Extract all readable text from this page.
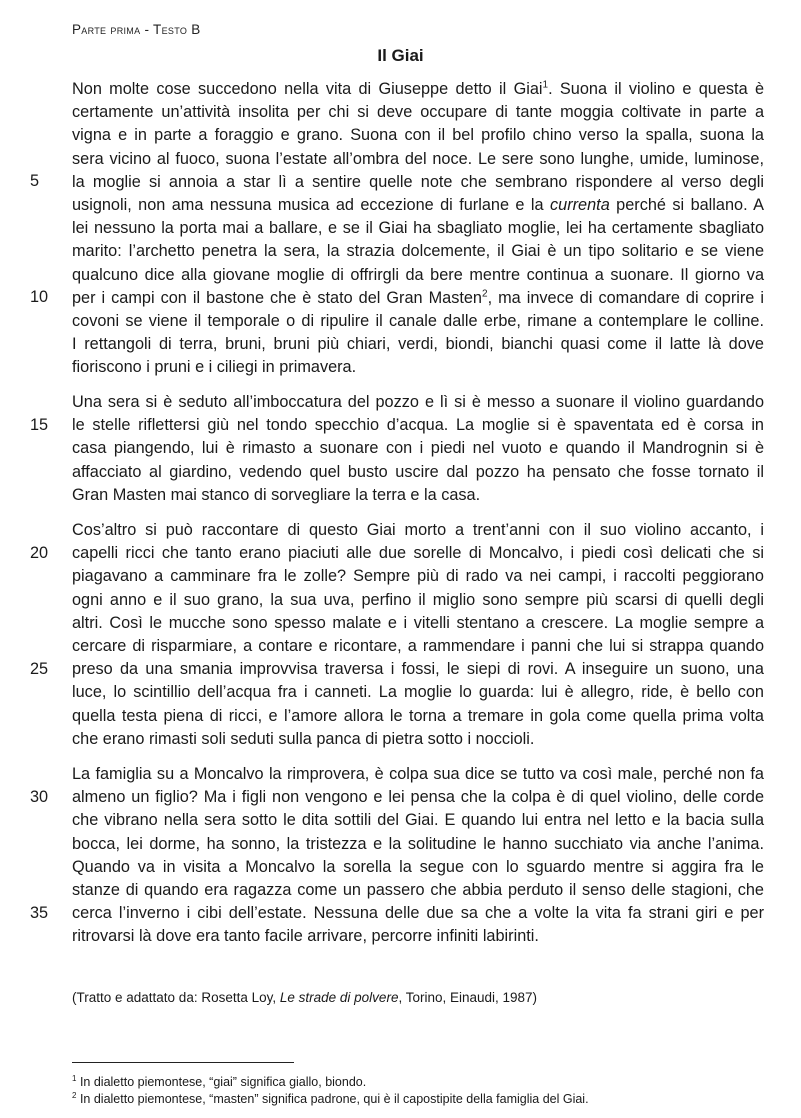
Parte prima - Testo B
Il Giai
Non molte cose succedono nella vita di Giuseppe detto il Giai$^1$. Suona il violino e questa è
certamente un’attività insolita per chi si deve occupare di tante moggia coltivate in parte a
vigna e in parte a foraggio e grano. Suona con il bel profilo chino verso la spalla, suona la
sera vicino al fuoco, suona l’estate all’ombra del noce. Le sere sono lunghe, umide, luminose,
la moglie si annoia a star lì a sentire quelle note che sembrano rispondere al verso degli
usignoli, non ama nessuna musica ad eccezione di furlane e la currenta perché si ballano. A
lei nessuno la porta mai a ballare, e se il Giai ha sbagliato moglie, lei ha certamente sbagliato
marito: l’archetto penetra la sera, la strazia dolcemente, il Giai è un tipo solitario e se viene
qualcuno dice alla giovane moglie di offrirgli da bere mentre continua a suonare. Il giorno va
per i campi con il bastone che è stato del Gran Masten$^2$, ma invece di comandare di coprire i
covoni se viene il temporale o di ripulire il canale dalle erbe, rimane a contemplare le colline.
I rettangoli di terra, bruni, bruni più chiari, verdi, biondi, bianchi quasi come il latte là dove
fioriscono i pruni e i ciliegi in primavera.
Una sera si è seduto all’imboccatura del pozzo e lì si è messo a suonare il violino guardando
le stelle riflettersi giù nel tondo specchio d’acqua. La moglie si è spaventata ed è corsa in
casa piangendo, lui è rimasto a suonare con i piedi nel vuoto e quando il Mandrognin si è
affacciato al giardino, vedendo quel busto uscire dal pozzo ha pensato che fosse tornato il
Gran Masten mai stanco di sorvegliare la terra e la casa.
Cos’altro si può raccontare di questo Giai morto a trent’anni con il suo violino accanto, i
capelli ricci che tanto erano piaciuti alle due sorelle di Moncalvo, i piedi così delicati che si
piagavano a camminare fra le zolle? Sempre più di rado va nei campi, i raccolti peggiorano
ogni anno e il suo grano, la sua uva, perfino il miglio sono sempre più scarsi di quelli degli
altri. Così le mucche sono spesso malate e i vitelli stentano a crescere. La moglie sempre a
cercare di risparmiare, a contare e ricontare, a rammendare i panni che lui si strappa quando
preso da una smania improvvisa traversa i fossi, le siepi di rovi. A inseguire un suono, una
luce, lo scintillio dell’acqua fra i canneti. La moglie lo guarda: lui è allegro, ride, è bello con
quella testa piena di ricci, e l’amore allora le torna a tremare in gola come quella prima volta
che erano rimasti soli seduti sulla panca di pietra sotto i noccioli.
La famiglia su a Moncalvo la rimprovera, è colpa sua dice se tutto va così male, perché non fa
almeno un figlio? Ma i figli non vengono e lei pensa che la colpa è di quel violino, delle corde
che vibrano nella sera sotto le dita sottili del Giai. E quando lui entra nel letto e la bacia sulla
bocca, lei dorme, ha sonno, la tristezza e la solitudine le hanno succhiato via anche l’anima.
Quando va in visita a Moncalvo la sorella la segue con lo sguardo mentre si aggira fra le
stanze di quando era ragazza come un passero che abbia perduto il senso delle stagioni, che
cerca l’inverno i cibi dell’estate. Nessuna delle due sa che a volte la vita fa strani giri e per
ritrovarsi là dove era tanto facile arrivare, percorre infiniti labirinti.
5
10
15
20
25
30
35
(Tratto e adattato da: Rosetta Loy, Le strade di polvere, Torino, Einaudi, 1987)
$^1$ In dialetto piemontese, “giai” significa giallo, biondo.
$^2$ In dialetto piemontese, “masten” significa padrone, qui è il capostipite della famiglia del Giai.
